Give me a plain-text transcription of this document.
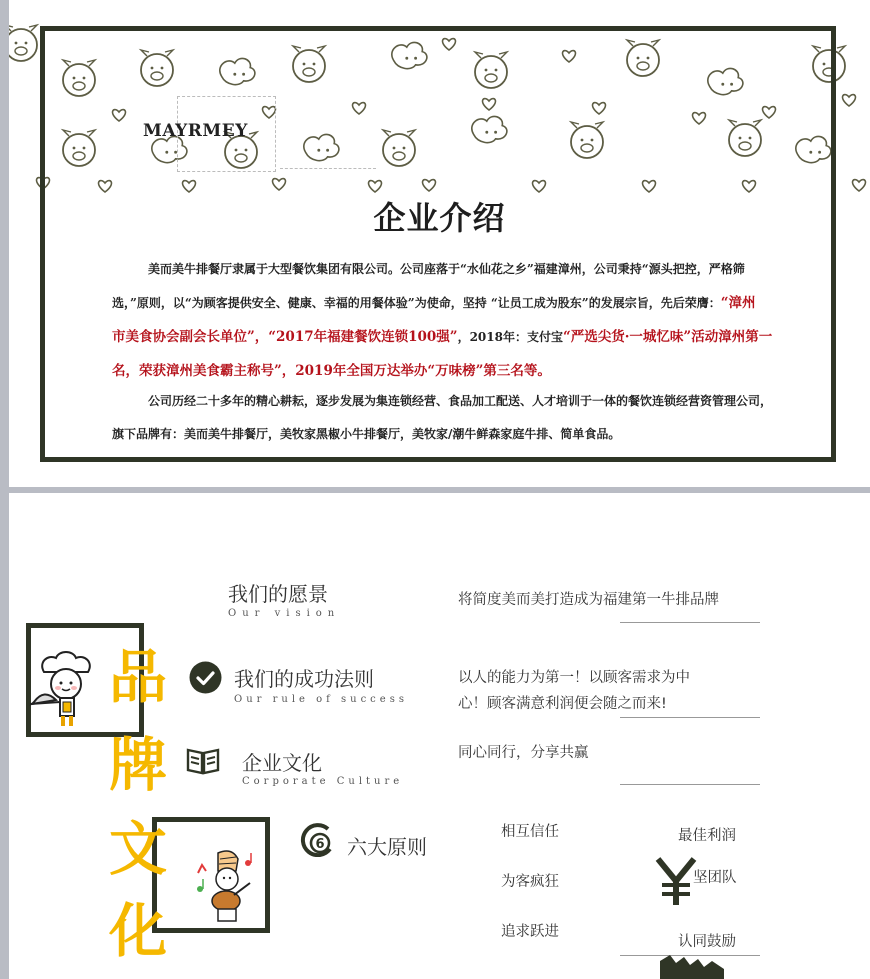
MAYRMEY
企业介绍
美而美牛排餐厅隶属于大型餐饮集团有限公司。公司座落于“水仙花之乡”福建漳州，公司秉持“源头把控，严格筛
选，”原则，以“为顾客提供安全、健康、幸福的用餐体验”为使命，坚持 “让员工成为股东”的发展宗旨，先后荣膺：“漳州
市美食协会副会长单位”，“2017年福建餐饮连锁100强”，2018年：支付宝“严选尖货·一城忆味”活动漳州第一
名，荣获漳州美食霸主称号”，2019年全国万达举办“万味榜”第三名等。
公司历经二十多年的精心耕耘，逐步发展为集连锁经营、食品加工配送、人才培训于一体的餐饮连锁经营资管理公司，
旗下品牌有：美而美牛排餐厅，美牧家黑椒小牛排餐厅，美牧家/潮牛鲜森家庭牛排、简单食品。
品
牌
文
化
我们的愿景
Our vision
将简度美而美打造成为福建第一牛排品牌
我们的成功法则
Our rule of success
以人的能力为第一！以顾客需求为中
心！顾客满意利润便会随之而来!
企业文化
Corporate Culture
同心同行，分享共赢
6 六大原则
相互信任
为客疯狂
追求跃进
最佳利润
坚团队
认同鼓励
